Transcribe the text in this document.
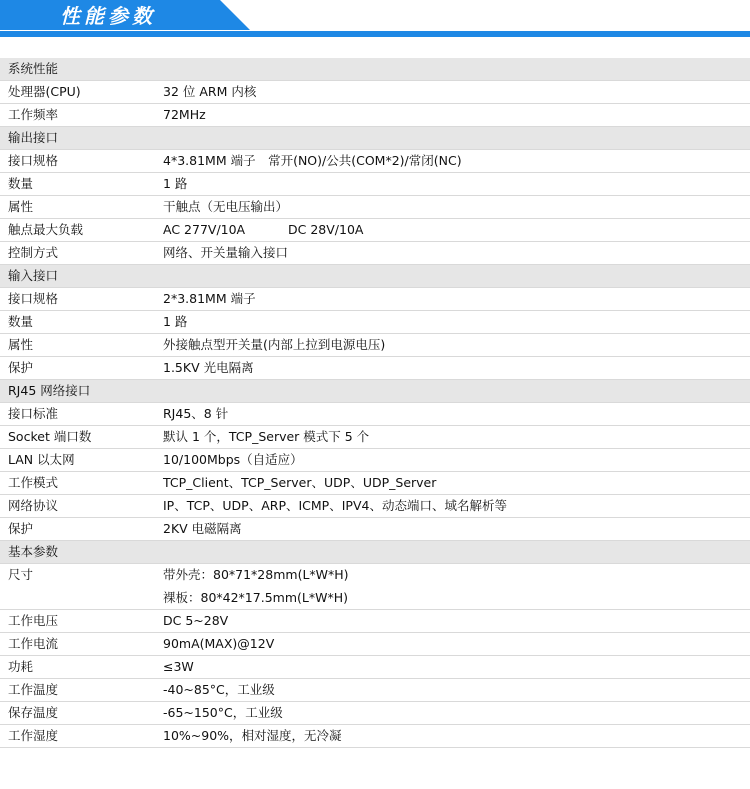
性能参数
系统性能
处理器(CPU)	32 位 ARM 内核
工作频率	72MHz
输出接口
接口规格	4*3.81MM 端子　常开(NO)/公共(COM*2)/常闭(NC)
数量	1 路
属性	干触点（无电压输出）
触点最大负载	AC 277V/10A	DC 28V/10A
控制方式	网络、开关量输入接口
输入接口
接口规格	2*3.81MM 端子
数量	1 路
属性	外接触点型开关量(内部上拉到电源电压)
保护	1.5KV 光电隔离
RJ45 网络接口
接口标准	RJ45、8 针
Socket 端口数	默认 1 个，TCP_Server 模式下 5 个
LAN 以太网	10/100Mbps（自适应）
工作模式	TCP_Client、TCP_Server、UDP、UDP_Server
网络协议	IP、TCP、UDP、ARP、ICMP、IPV4、动态端口、域名解析等
保护	2KV 电磁隔离
基本参数
尺寸	带外壳：80*71*28mm(L*W*H)
裸板：80*42*17.5mm(L*W*H)
工作电压	DC 5~28V
工作电流	90mA(MAX)@12V
功耗	≤3W
工作温度	-40~85°C，工业级
保存温度	-65~150°C，工业级
工作湿度	10%~90%，相对湿度，无冷凝
